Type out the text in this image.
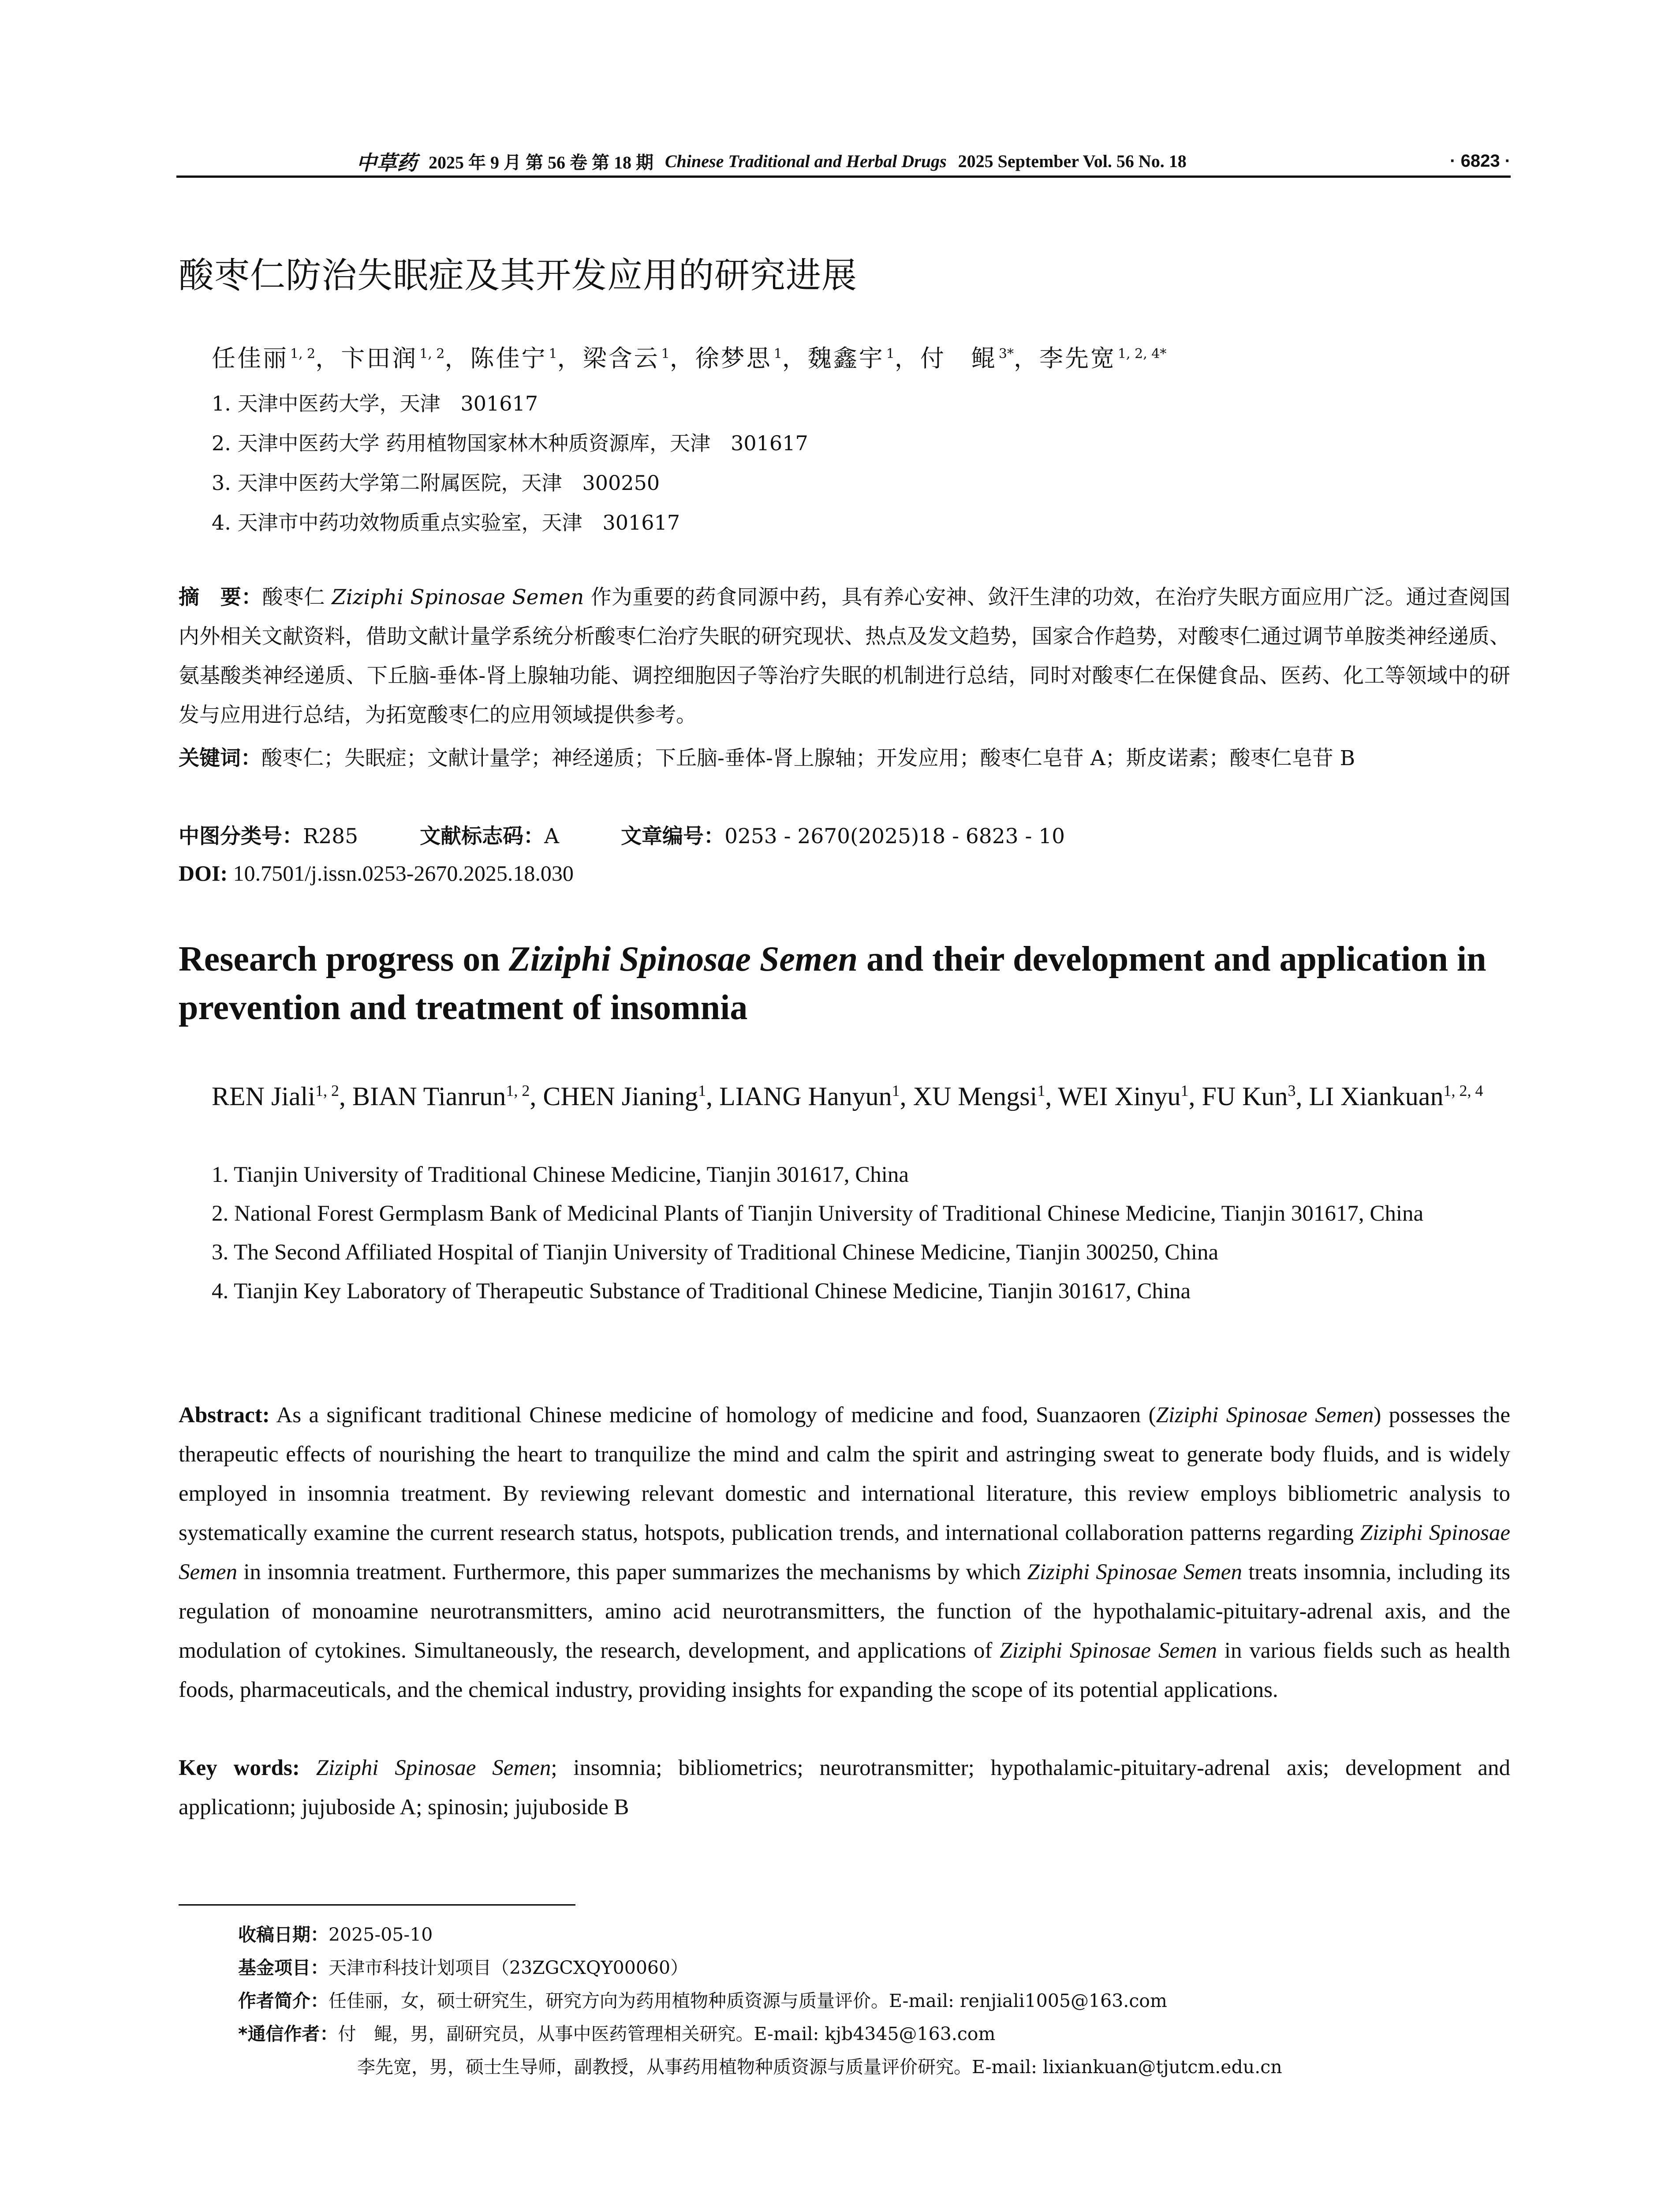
中草药 2025 年 9 月 第 56 卷 第 18 期 Chinese Traditional and Herbal Drugs 2025 September Vol. 56 No. 18	· 6823 ·
酸枣仁防治失眠症及其开发应用的研究进展
任佳丽 $^{1, 2}$， 卞田润 $^{1, 2}$， 陈佳宁 $^1$， 梁含云 $^1$， 徐梦思 $^1$， 魏鑫宇 $^1$， 付　鲲 $^{3*}$， 李先宽 $^{1, 2, 4*}$
1. 天津中医药大学，天津　301617
2. 天津中医药大学 药用植物国家林木种质资源库，天津　301617
3. 天津中医药大学第二附属医院，天津　300250
4. 天津市中药功效物质重点实验室，天津　301617
摘　要：酸枣仁 Ziziphi Spinosae Semen 作为重要的药食同源中药，具有养心安神、敛汗生津的功效，在治疗失眠方面应用广泛。通过查阅国内外相关文献资料，借助文献计量学系统分析酸枣仁治疗失眠的研究现状、热点及发文趋势，国家合作趋势，对酸枣仁通过调节单胺类神经递质、氨基酸类神经递质、下丘脑-垂体-肾上腺轴功能、调控细胞因子等治疗失眠的机制进行总结，同时对酸枣仁在保健食品、医药、化工等领域中的研发与应用进行总结，为拓宽酸枣仁的应用领域提供参考。
关键词：酸枣仁；失眠症；文献计量学；神经递质；下丘脑-垂体-肾上腺轴；开发应用；酸枣仁皂苷 A；斯皮诺素；酸枣仁皂苷 B
中图分类号：R285	文献标志码：A	文章编号：0253 - 2670(2025)18 - 6823 - 10
DOI: 10.7501/j.issn.0253-2670.2025.18.030
Research progress on Ziziphi Spinosae Semen and their development and application in prevention and treatment of insomnia
REN Jiali$^{1, 2}$, BIAN Tianrun$^{1, 2}$, CHEN Jianing$^1$, LIANG Hanyun$^1$, XU Mengsi$^1$, WEI Xinyu$^1$, FU Kun$^3$, LI Xiankuan$^{1, 2, 4}$
1. Tianjin University of Traditional Chinese Medicine, Tianjin 301617, China
2. National Forest Germplasm Bank of Medicinal Plants of Tianjin University of Traditional Chinese Medicine, Tianjin 301617, China
3. The Second Affiliated Hospital of Tianjin University of Traditional Chinese Medicine, Tianjin 300250, China
4. Tianjin Key Laboratory of Therapeutic Substance of Traditional Chinese Medicine, Tianjin 301617, China
Abstract: As a significant traditional Chinese medicine of homology of medicine and food, Suanzaoren (Ziziphi Spinosae Semen) possesses the therapeutic effects of nourishing the heart to tranquilize the mind and calm the spirit and astringing sweat to generate body fluids, and is widely employed in insomnia treatment. By reviewing relevant domestic and international literature, this review employs bibliometric analysis to systematically examine the current research status, hotspots, publication trends, and international collaboration patterns regarding Ziziphi Spinosae Semen in insomnia treatment. Furthermore, this paper summarizes the mechanisms by which Ziziphi Spinosae Semen treats insomnia, including its regulation of monoamine neurotransmitters, amino acid neurotransmitters, the function of the hypothalamic-pituitary-adrenal axis, and the modulation of cytokines. Simultaneously, the research, development, and applications of Ziziphi Spinosae Semen in various fields such as health foods, pharmaceuticals, and the chemical industry, providing insights for expanding the scope of its potential applications.
Key words: Ziziphi Spinosae Semen; insomnia; bibliometrics; neurotransmitter; hypothalamic-pituitary-adrenal axis; development and applicationn; jujuboside A; spinosin; jujuboside B
收稿日期：2025-05-10
基金项目：天津市科技计划项目（23ZGCXQY00060）
作者简介：任佳丽，女，硕士研究生，研究方向为药用植物种质资源与质量评价。E-mail: renjiali1005@163.com
*通信作者：付　鲲，男，副研究员，从事中医药管理相关研究。E-mail: kjb4345@163.com
李先宽，男，硕士生导师，副教授，从事药用植物种质资源与质量评价研究。E-mail: lixiankuan@tjutcm.edu.cn
